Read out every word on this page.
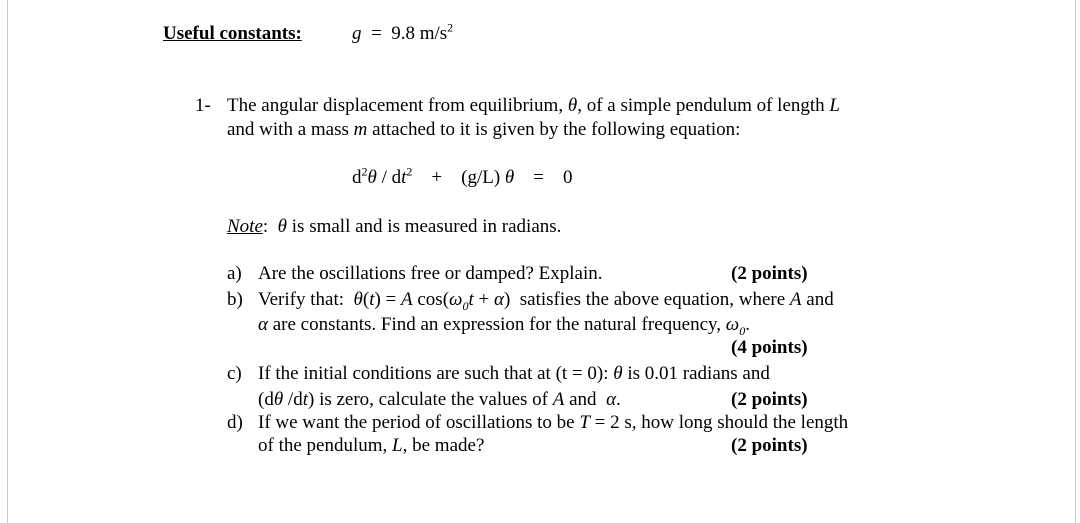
Useful constants:	g = 9.8 $m/s^2$
1- The angular displacement from equilibrium, θ, of a simple pendulum of length L
and with a mass m attached to it is given by the following equation:
$d^2\theta / dt^2 + (g/L) \theta = 0$
Note: θ is small and is measured in radians.
a) Are the oscillations free or damped? Explain.	(2 points)
b) Verify that:  θ(t) = A $\cos(\omega_0t + \alpha)$  satisfies the above equation, where A and
α are constants. Find an expression for the natural frequency, $\omega_0$.
(4 points)
c) If the initial conditions are such that at (t = 0): θ is 0.01 radians and
(dθ /dt) is zero, calculate the values of A and  α.	(2 points)
d) If we want the period of oscillations to be T = 2 s, how long should the length
of the pendulum, L, be made?	(2 points)
